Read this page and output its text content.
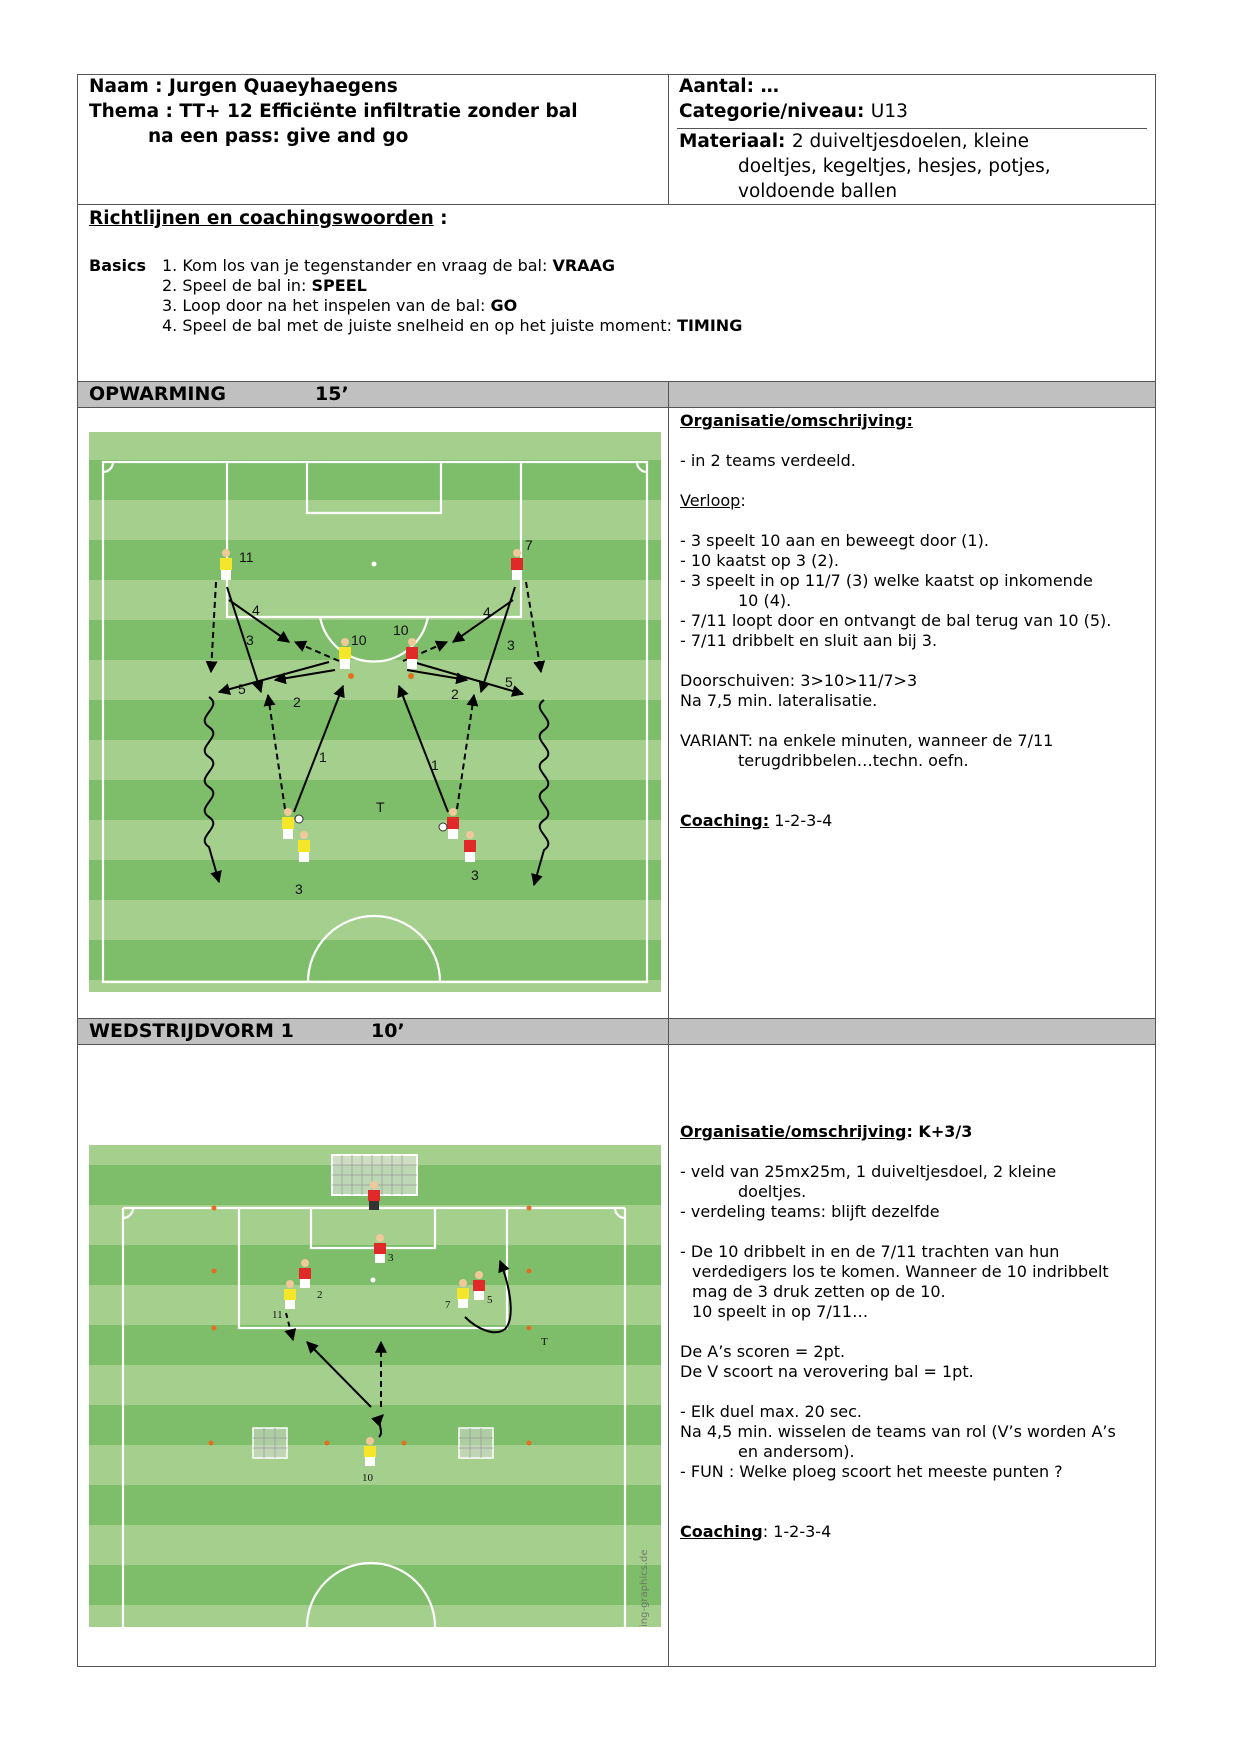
Naam : Jurgen Quaeyhaegens
Thema : TT+ 12 Efficiënte infiltratie zonder bal
na een pass: give and go
Aantal: …
Categorie/niveau: U13
Materiaal: 2 duiveltjesdoelen, kleine
doeltjes, kegeltjes, hesjes, potjes,
voldoende ballen
Richtlijnen en coachingswoorden :
Basics 1. Kom los van je tegenstander en vraag de bal: VRAAG
2. Speel de bal in: SPEEL
3. Loop door na het inspelen van de bal: GO
4. Speel de bal met de juiste snelheid en op het juiste moment: TIMING
OPWARMING	15’
WEDSTRIJDVORM 1	10’

Organisatie/omschrijving:

- in 2 teams verdeeld.

Verloop:

- 3 speelt 10 aan en beweegt door (1).

- 10 kaatst op 3 (2).

- 3 speelt in op 11/7 (3) welke kaatst op inkomende

10 (4).

- 7/11 loopt door en ontvangt de bal terug van 10 (5).

- 7/11 dribbelt en sluit aan bij 3.

Doorschuiven: 3>10>11/7>3

Na 7,5 min. lateralisatie.

VARIANT: na enkele minuten, wanneer de 7/11

terugdribbelen…techn. oefn.

Coaching: 1-2-3-4

Organisatie/omschrijving: K+3/3

- veld van 25mx25m, 1 duiveltjesdoel, 2 kleine

doeltjes.

- verdeling teams: blijft dezelfde

- De 10 dribbelt in en de 7/11 trachten van hun

verdedigers los te komen. Wanneer de 10 indribbelt

mag de 3 druk zetten op de 10.

10 speelt in op 7/11…

De A’s scoren = 2pt.

De V scoort na verovering bal = 1pt.

- Elk duel max. 20 sec.

Na 4,5 min. wisselen de teams van rol (V’s worden A’s

en andersom).

- FUN : Welke ploeg scoort het meeste punten ?

Coaching: 1-2-3-4

11
7
10
10
3
3
1	1
2	2
3	3
4	4
5	5
T
2
3
11
7	5
10
T
ing-graphics.de
